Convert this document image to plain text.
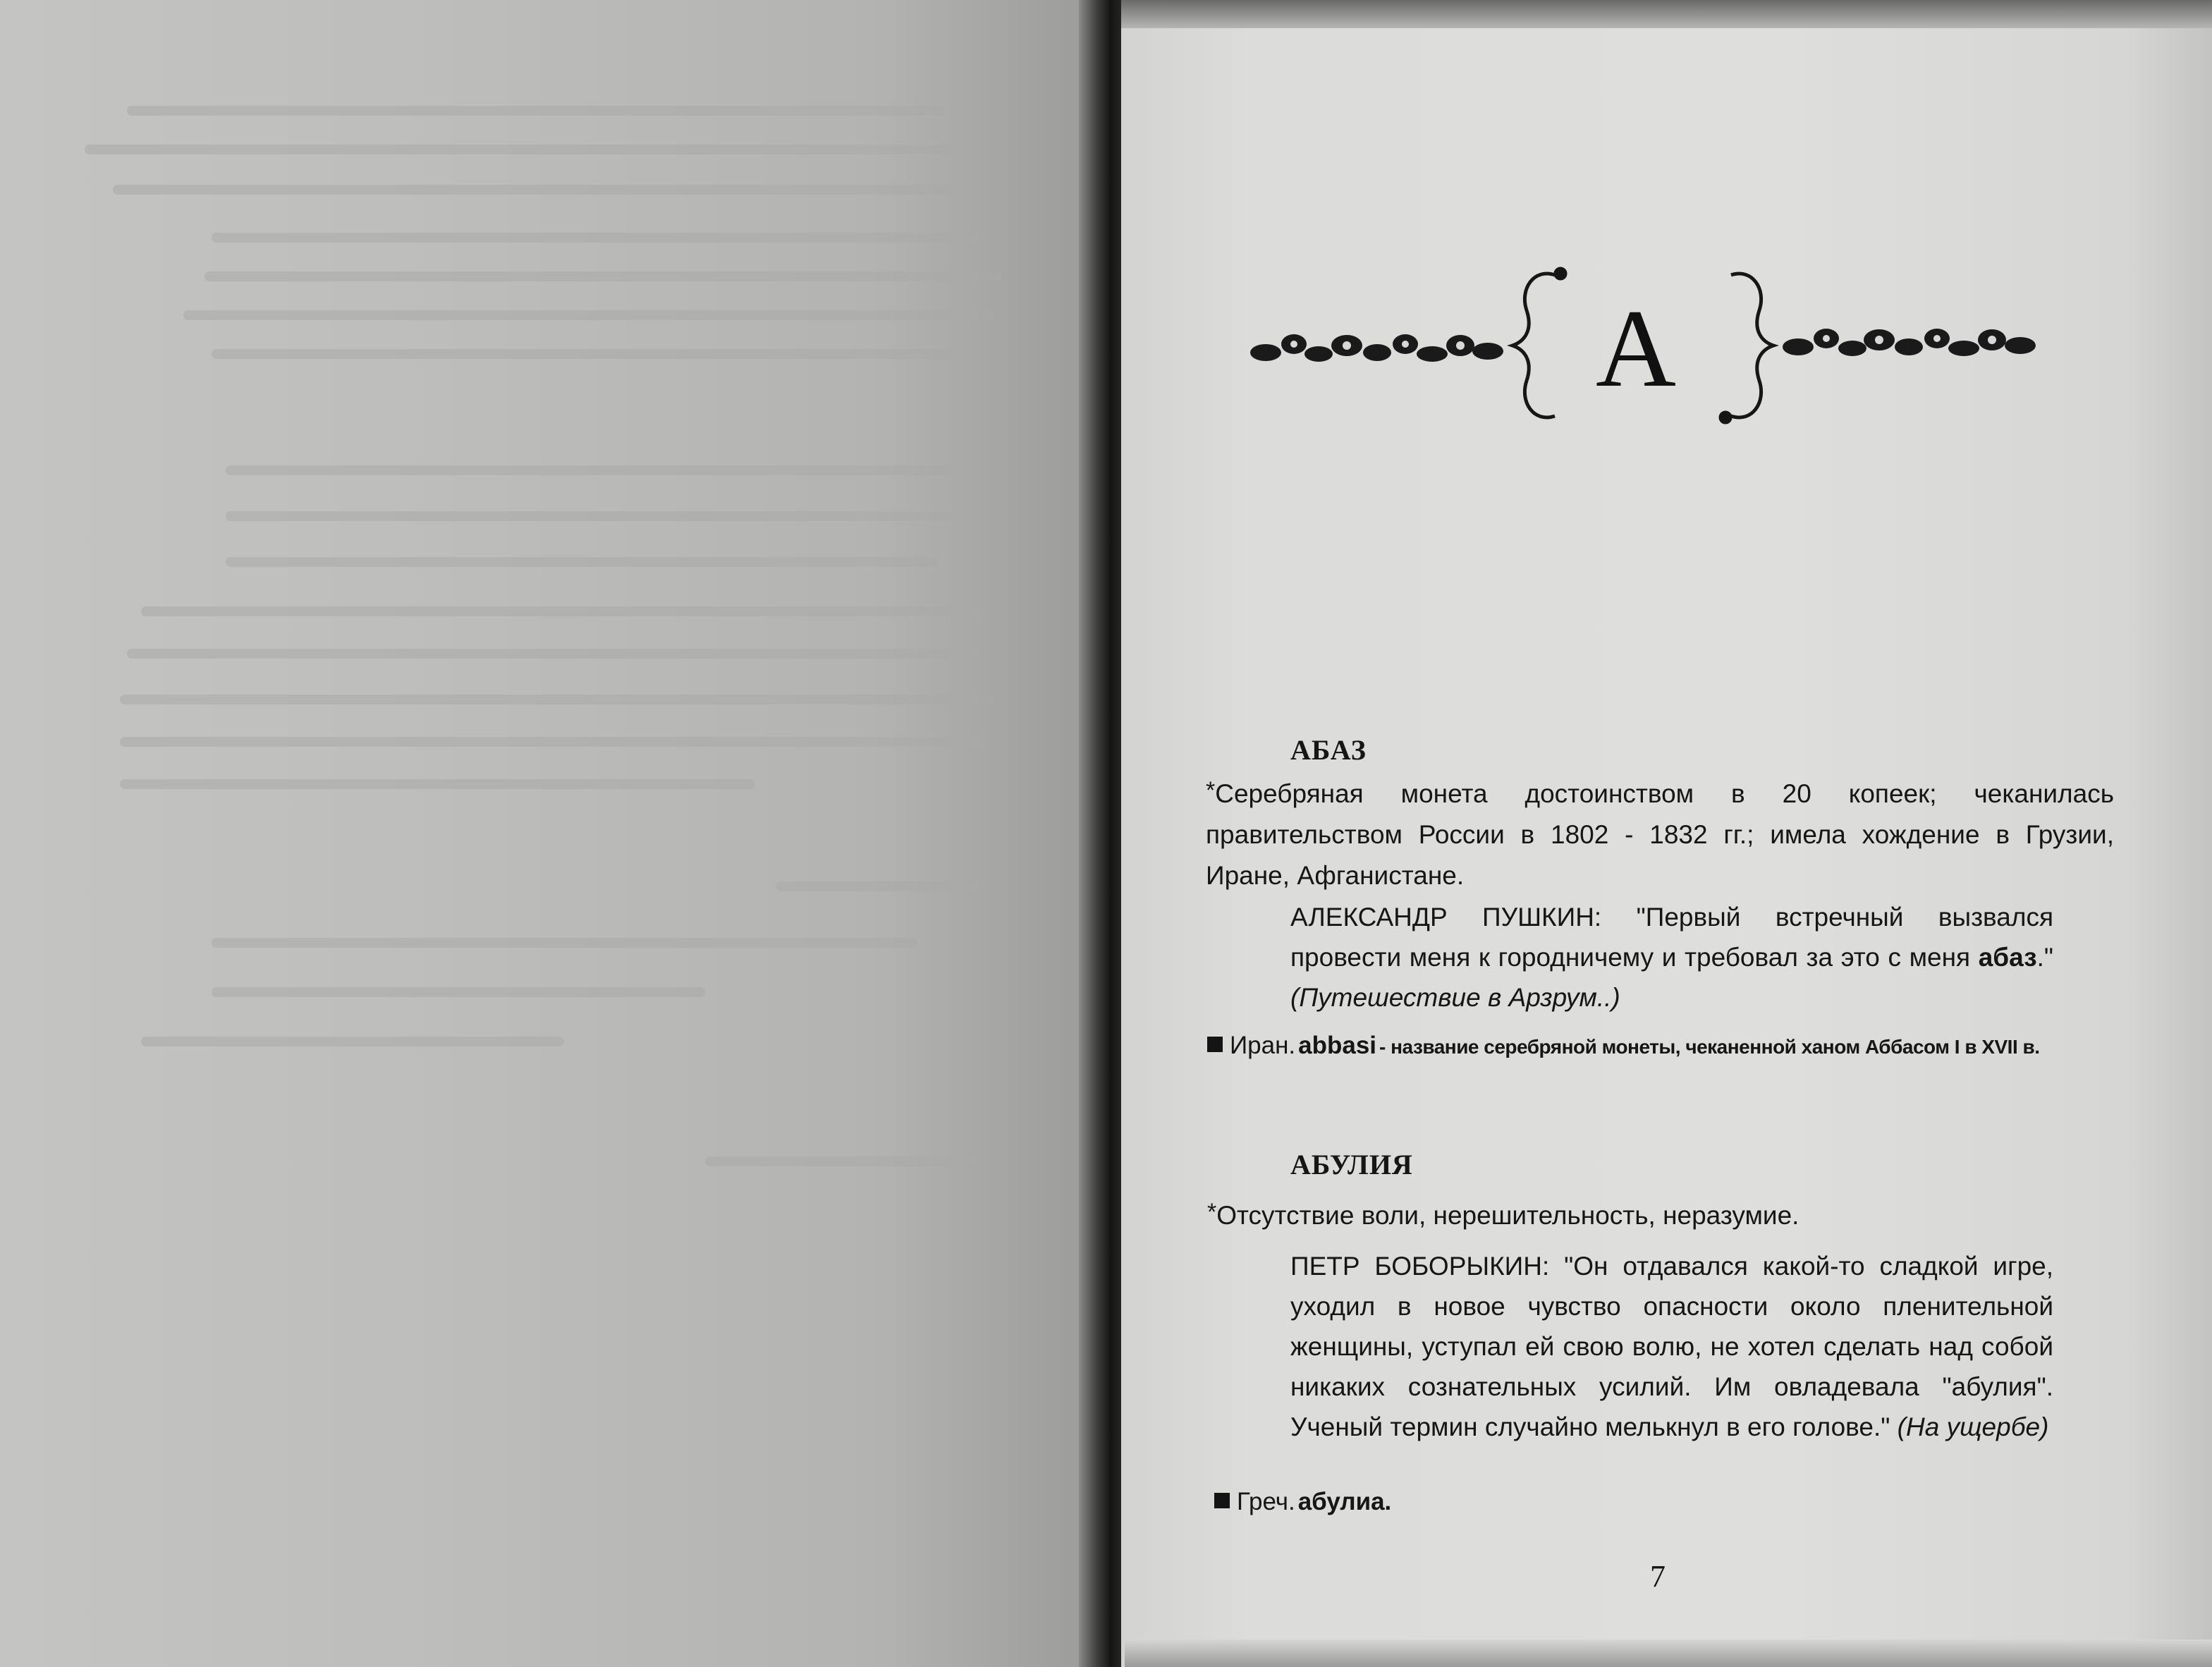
А
АБАЗ
*Серебряная монета достоинством в 20 копеек; чеканилась правительством России в 1802 - 1832 гг.; имела хождение в Грузии, Иране, Афганистане.
АЛЕКСАНДР ПУШКИН: "Первый встречный вызвался провести меня к городничему и требовал за это с меня абаз." (Путешествие в Арзрум..)
Иран. abbasi - название серебряной монеты, чеканенной ханом Аббасом I в XVII в.
АБУЛИЯ
*Отсутствие воли, нерешительность, неразумие.
ПЕТР БОБОРЫКИН: "Он отдавался какой-то сладкой игре, уходил в новое чувство опасности около пленительной женщины, уступал ей свою волю, не хотел сделать над собой никаких сознательных усилий. Им овладевала "абулия". Ученый термин случайно мелькнул в его голове." (На ущербе)
Греч. абулиа.
7
